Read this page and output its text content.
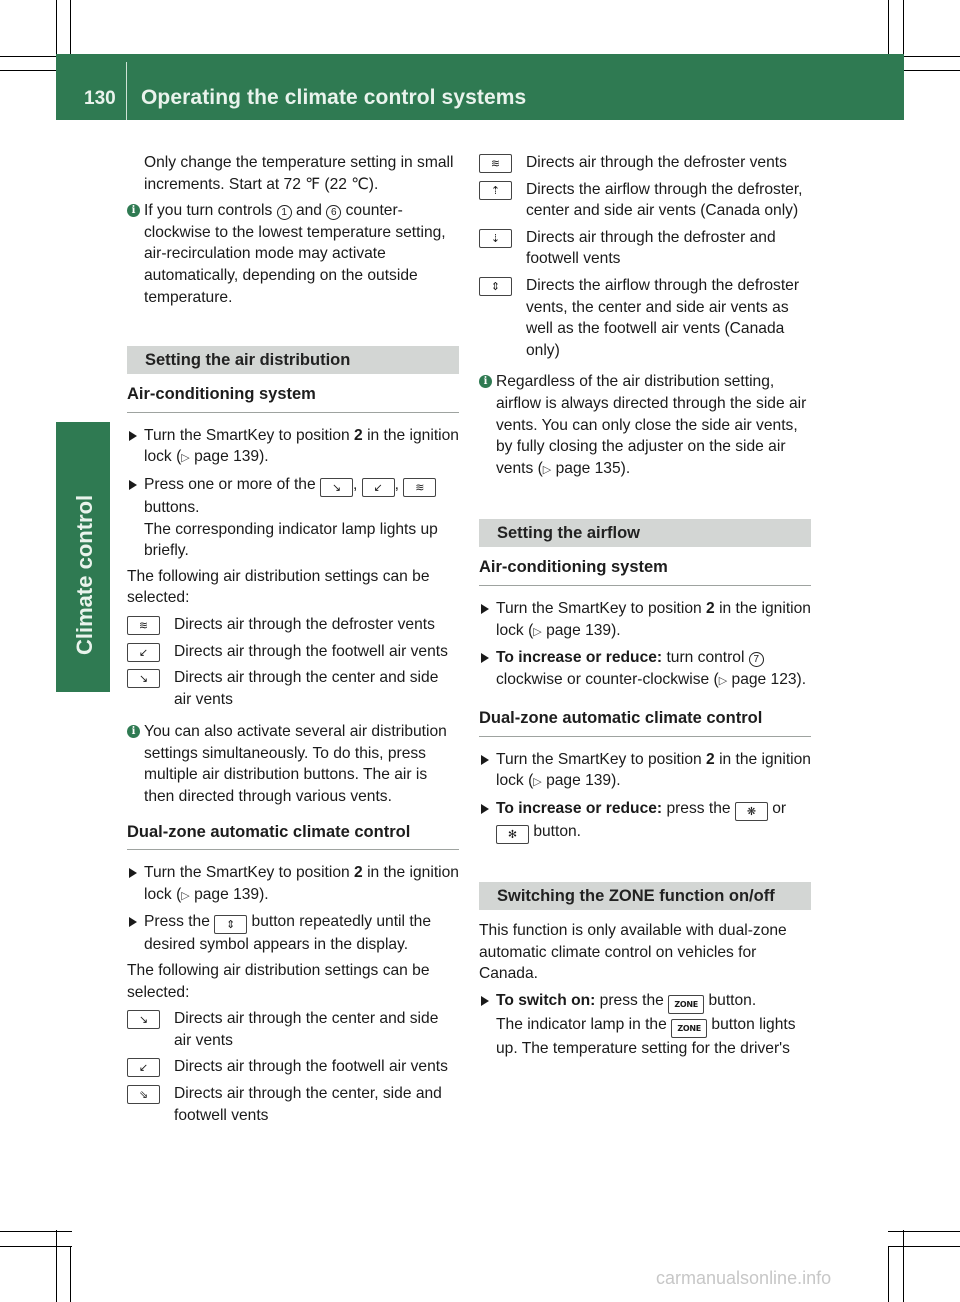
130 Operating the climate control systems
Climate control

Only change the temperature setting in small increments. Start at 72 ℉ (22 ℃).

i If you turn controls 1 and 6 counter-clockwise to the lowest temperature setting, air-recirculation mode may activate automatically, depending on the outside temperature.
Setting the air distribution
Air-conditioning system
Turn the SmartKey to position 2 in the ignition lock (▷ page 139).
Press one or more of the ↘ , ↙ , ≋ buttons.
The corresponding indicator lamp lights up briefly.

The following air distribution settings can be selected:

≋	Directs air through the defroster vents
↙	Directs air through the footwell air vents
↘	Directs air through the center and side air vents
i You can also activate several air distribution settings simultaneously. To do this, press multiple air distribution buttons. The air is then directed through various vents.
Dual-zone automatic climate control
Turn the SmartKey to position 2 in the ignition lock (▷ page 139).
Press the ⇕ button repeatedly until the desired symbol appears in the display.

The following air distribution settings can be selected:

↘	Directs air through the center and side air vents
↙	Directs air through the footwell air vents
⇘	Directs air through the center, side and footwell vents
≋	Directs air through the defroster vents
⇡	Directs the airflow through the defroster, center and side air vents (Canada only)
⇣	Directs air through the defroster and footwell vents
⇕	Directs the airflow through the defroster vents, the center and side air vents as well as the footwell air vents (Canada only)
i Regardless of the air distribution setting, airflow is always directed through the side air vents. You can only close the side air vents, by fully closing the adjuster on the side air vents (▷ page 135).
Setting the airflow
Air-conditioning system
Turn the SmartKey to position 2 in the ignition lock (▷ page 139).
To increase or reduce: turn control 7 clockwise or counter-clockwise (▷ page 123).
Dual-zone automatic climate control
Turn the SmartKey to position 2 in the ignition lock (▷ page 139).
To increase or reduce: press the ❋ or ✻ button.
Switching the ZONE function on/off

This function is only available with dual-zone automatic climate control on vehicles for Canada.

To switch on: press the ZONE button.
The indicator lamp in the ZONE button lights up. The temperature setting for the driver's
carmanualsonline.info
